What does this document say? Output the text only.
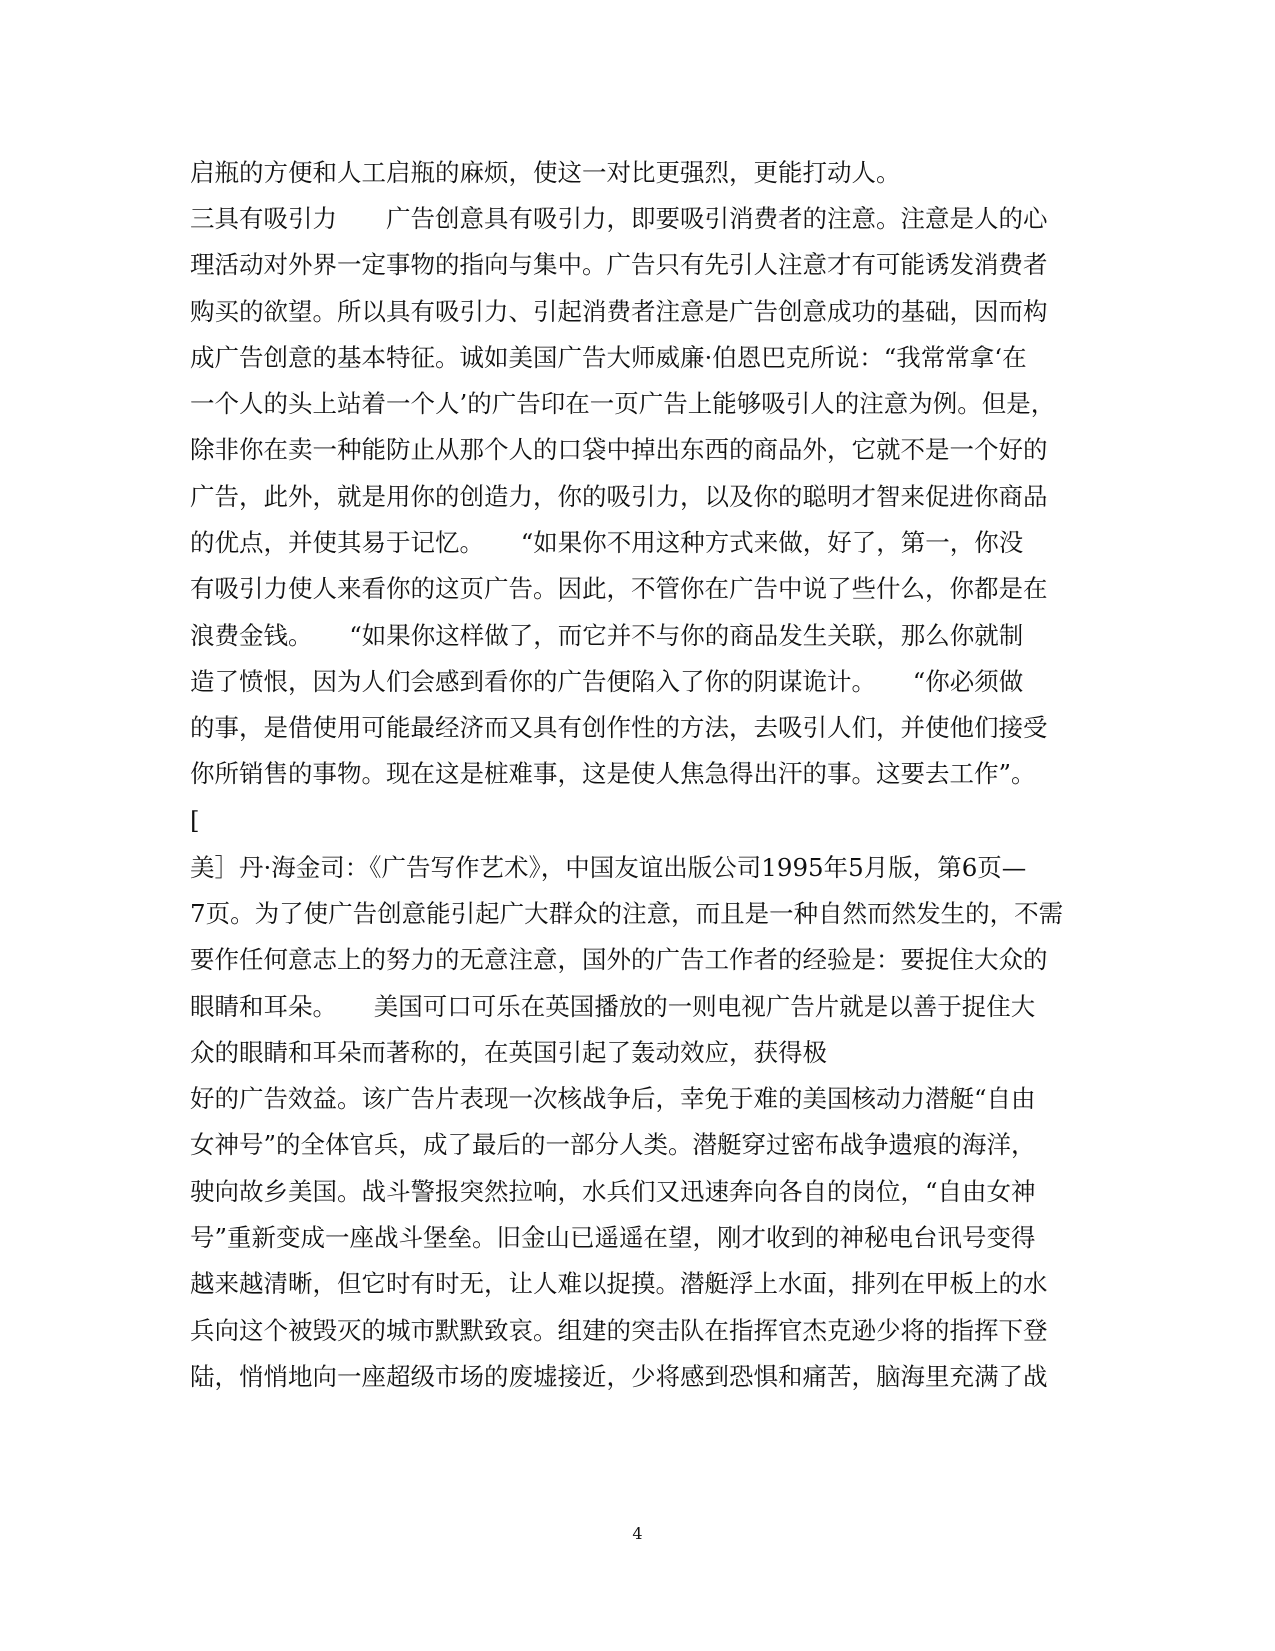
启瓶的方便和人工启瓶的麻烦，使这一对比更强烈，更能打动人。

三具有吸引力　　广告创意具有吸引力，即要吸引消费者的注意。注意是人的心

理活动对外界一定事物的指向与集中。广告只有先引人注意才有可能诱发消费者

购买的欲望。所以具有吸引力、引起消费者注意是广告创意成功的基础，因而构

成广告创意的基本特征。诚如美国广告大师威廉·伯恩巴克所说：“我常常拿‘在

一个人的头上站着一个人’的广告印在一页广告上能够吸引人的注意为例。但是，

除非你在卖一种能防止从那个人的口袋中掉出东西的商品外，它就不是一个好的

广告，此外，就是用你的创造力，你的吸引力，以及你的聪明才智来促进你商品

的优点，并使其易于记忆。　　“如果你不用这种方式来做，好了，第一，你没

有吸引力使人来看你的这页广告。因此，不管你在广告中说了些什么，你都是在

浪费金钱。　　“如果你这样做了，而它并不与你的商品发生关联，那么你就制

造了愤恨，因为人们会感到看你的广告便陷入了你的阴谋诡计。　　“你必须做

的事，是借使用可能最经济而又具有创作性的方法，去吸引人们，并使他们接受

你所销售的事物。现在这是桩难事，这是使人焦急得出汗的事。这要去工作”。

[

美］丹·海金司：《广告写作艺术》，中国友谊出版公司1995年5月版，第6页—

7页。为了使广告创意能引起广大群众的注意，而且是一种自然而然发生的，不需

要作任何意志上的努力的无意注意，国外的广告工作者的经验是：要捉住大众的

眼睛和耳朵。　　美国可口可乐在英国播放的一则电视广告片就是以善于捉住大

众的眼睛和耳朵而著称的，在英国引起了轰动效应，获得极

好的广告效益。该广告片表现一次核战争后，幸免于难的美国核动力潜艇“自由

女神号”的全体官兵，成了最后的一部分人类。潜艇穿过密布战争遗痕的海洋，

驶向故乡美国。战斗警报突然拉响，水兵们又迅速奔向各自的岗位，“自由女神

号”重新变成一座战斗堡垒。旧金山已遥遥在望，刚才收到的神秘电台讯号变得

越来越清晰，但它时有时无，让人难以捉摸。潜艇浮上水面，排列在甲板上的水

兵向这个被毁灭的城市默默致哀。组建的突击队在指挥官杰克逊少将的指挥下登

陆，悄悄地向一座超级市场的废墟接近，少将感到恐惧和痛苦，脑海里充满了战

4
